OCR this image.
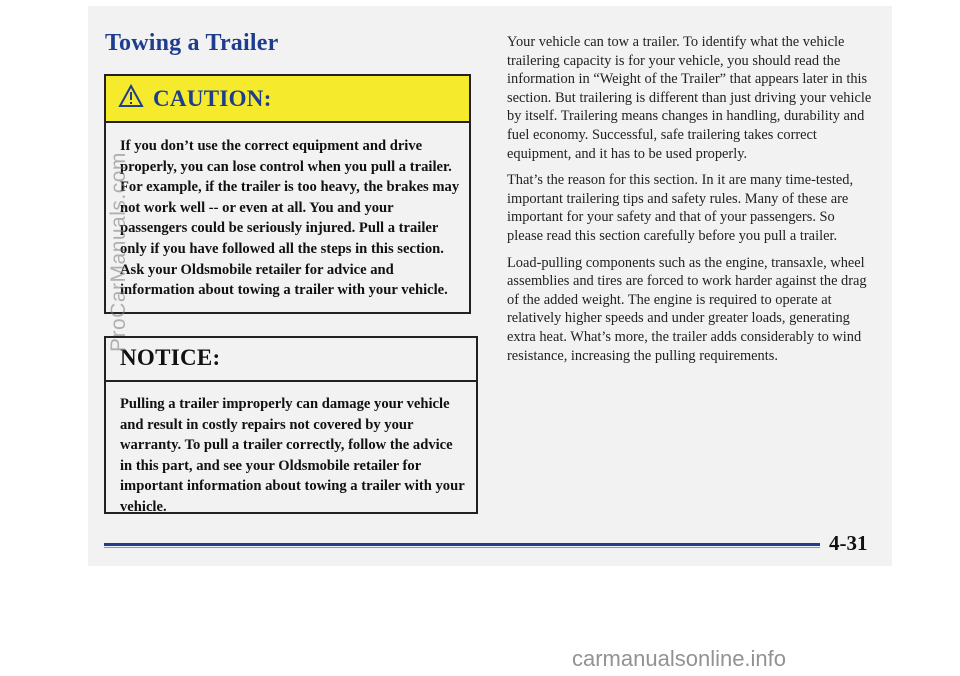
Towing a Trailer
CAUTION:
If you don’t use the correct equipment and drive properly, you can lose control when you pull a trailer. For example, if the trailer is too heavy, the brakes may not work well -- or even at all. You and your passengers could be seriously injured. Pull a trailer only if you have followed all the steps in this section. Ask your Oldsmobile retailer for advice and information about towing a trailer with your vehicle.
NOTICE:
Pulling a trailer improperly can damage your vehicle and result in costly repairs not covered by your warranty. To pull a trailer correctly, follow the advice in this part, and see your Oldsmobile retailer for important information about towing a trailer with your vehicle.

Your vehicle can tow a trailer. To identify what the vehicle trailering capacity is for your vehicle, you should read the information in “Weight of the Trailer” that appears later in this section. But trailering is different than just driving your vehicle by itself. Trailering means changes in handling, durability and fuel economy. Successful, safe trailering takes correct equipment, and it has to be used properly.

That’s the reason for this section. In it are many time-tested, important trailering tips and safety rules. Many of these are important for your safety and that of your passengers. So please read this section carefully before you pull a trailer.

Load-pulling components such as the engine, transaxle, wheel assemblies and tires are forced to work harder against the drag of the added weight. The engine is required to operate at relatively higher speeds and under greater loads, generating extra heat. What’s more, the trailer adds considerably to wind resistance, increasing the pulling requirements.

4-31
ProCarManuals.com
carmanualsonline.info
